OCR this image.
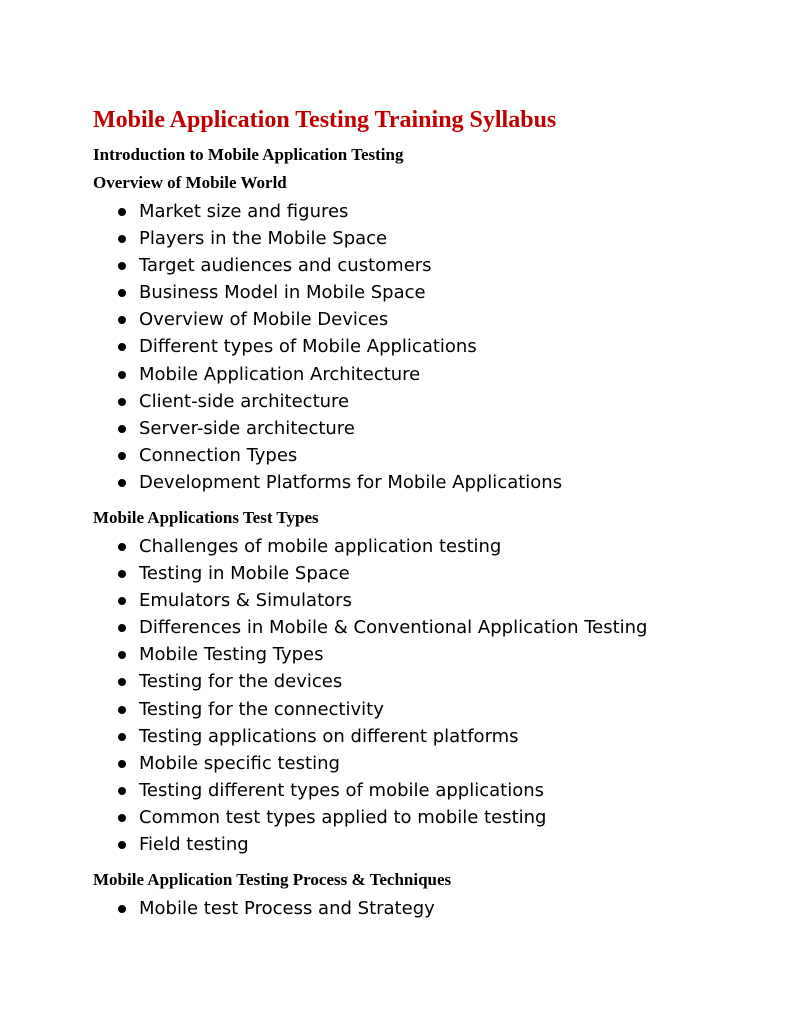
Mobile Application Testing Training Syllabus
Introduction to Mobile Application Testing
Overview of Mobile World
Market size and figures
Players in the Mobile Space
Target audiences and customers
Business Model in Mobile Space
Overview of Mobile Devices
Different types of Mobile Applications
Mobile Application Architecture
Client-side architecture
Server-side architecture
Connection Types
Development Platforms for Mobile Applications
Mobile Applications Test Types
Challenges of mobile application testing
Testing in Mobile Space
Emulators & Simulators
Differences in Mobile & Conventional Application Testing
Mobile Testing Types
Testing for the devices
Testing for the connectivity
Testing applications on different platforms
Mobile specific testing
Testing different types of mobile applications
Common test types applied to mobile testing
Field testing
Mobile Application Testing Process & Techniques
Mobile test Process and Strategy
